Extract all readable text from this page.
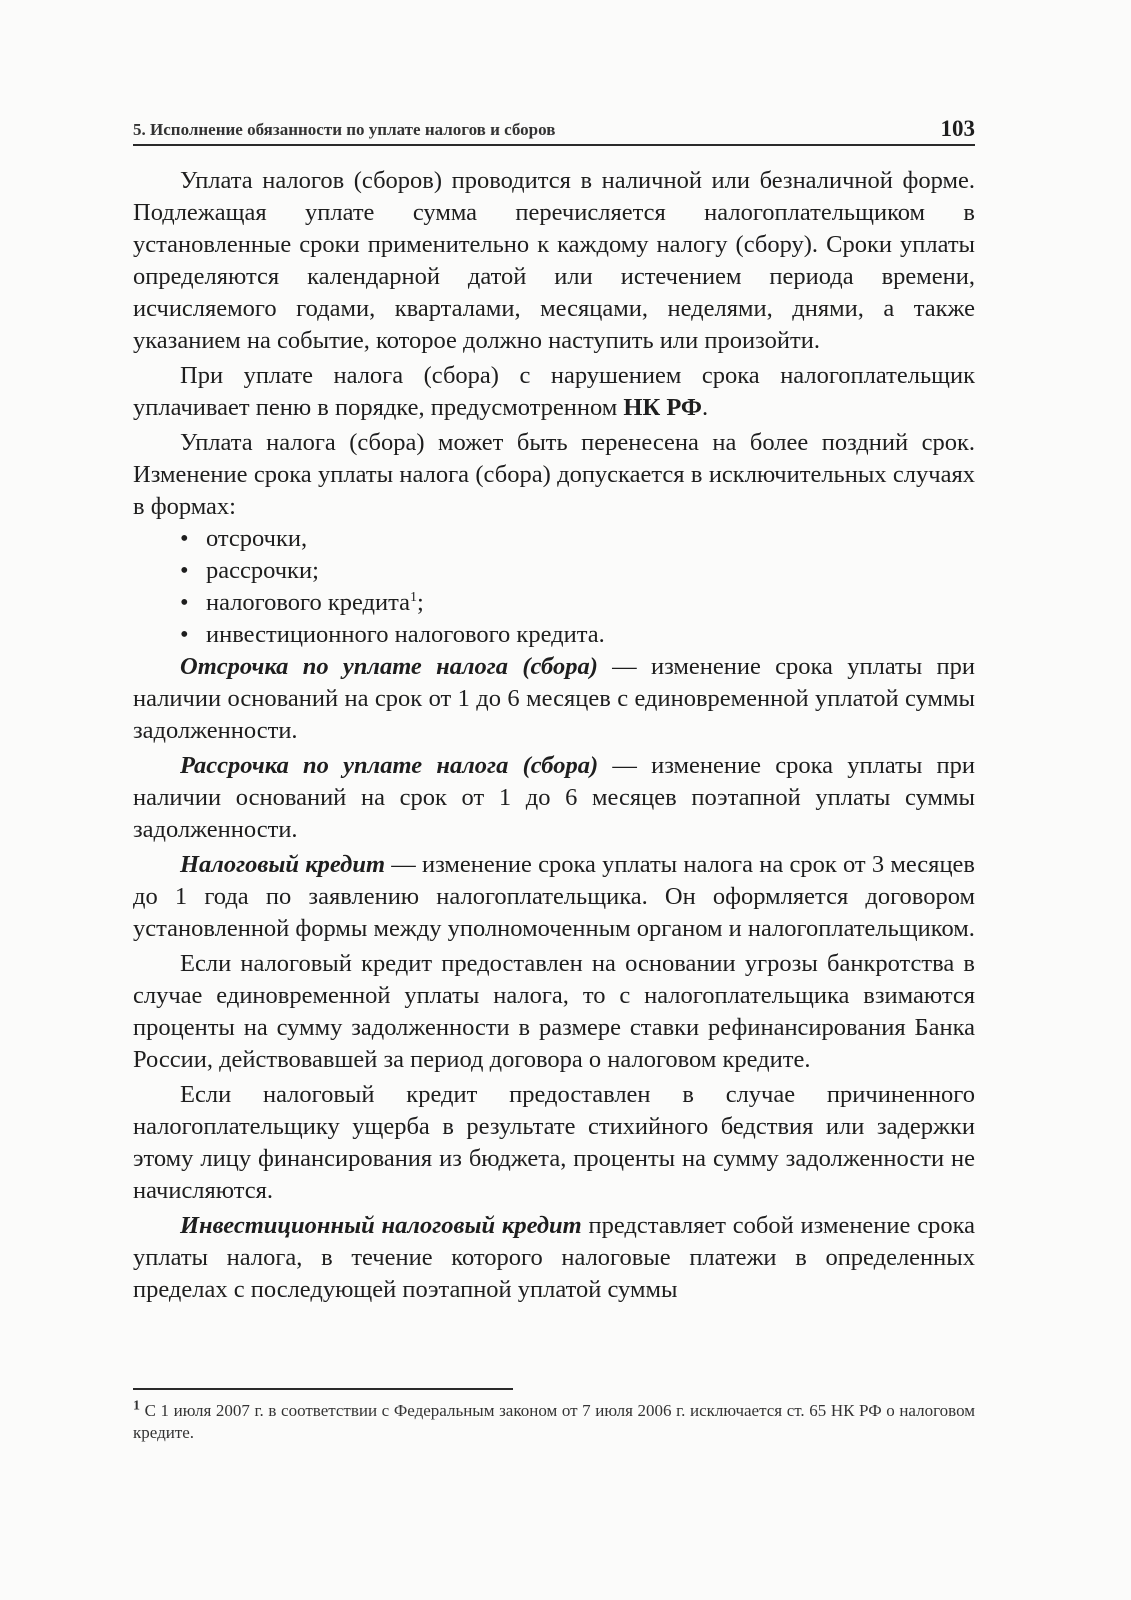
5. Исполнение обязанности по уплате налогов и сборов	103

Уплата налогов (сборов) проводится в наличной или безналичной форме. Подлежащая уплате сумма перечисляется налогоплательщиком в установленные сроки применительно к каждому налогу (сбору). Сроки уплаты определяются календарной датой или истечением периода времени, исчисляемого годами, кварталами, месяцами, неделями, днями, а также указанием на событие, которое должно наступить или произойти.

При уплате налога (сбора) с нарушением срока налогоплательщик уплачивает пеню в порядке, предусмотренном НК РФ.

Уплата налога (сбора) может быть перенесена на более поздний срок. Изменение срока уплаты налога (сбора) допускается в исключительных случаях в формах:

• отсрочки,
• рассрочки;
• налогового кредита$^1$;
• инвестиционного налогового кредита.

Отсрочка по уплате налога (сбора) — изменение срока уплаты при наличии оснований на срок от 1 до 6 месяцев с единовременной уплатой суммы задолженности.

Рассрочка по уплате налога (сбора) — изменение срока уплаты при наличии оснований на срок от 1 до 6 месяцев поэтапной уплаты суммы задолженности.

Налоговый кредит — изменение срока уплаты налога на срок от 3 месяцев до 1 года по заявлению налогоплательщика. Он оформляется договором установленной формы между уполномоченным органом и налогоплательщиком.

Если налоговый кредит предоставлен на основании угрозы банкротства в случае единовременной уплаты налога, то с налогоплательщика взимаются проценты на сумму задолженности в размере ставки рефинансирования Банка России, действовавшей за период договора о налоговом кредите.

Если налоговый кредит предоставлен в случае причиненного налогоплательщику ущерба в результате стихийного бедствия или задержки этому лицу финансирования из бюджета, проценты на сумму задолженности не начисляются.

Инвестиционный налоговый кредит представляет собой изменение срока уплаты налога, в течение которого налоговые платежи в определенных пределах с последующей поэтапной уплатой суммы

$^1$ С 1 июля 2007 г. в соответствии с Федеральным законом от 7 июля 2006 г. исключается ст. 65 НК РФ о налоговом кредите.
